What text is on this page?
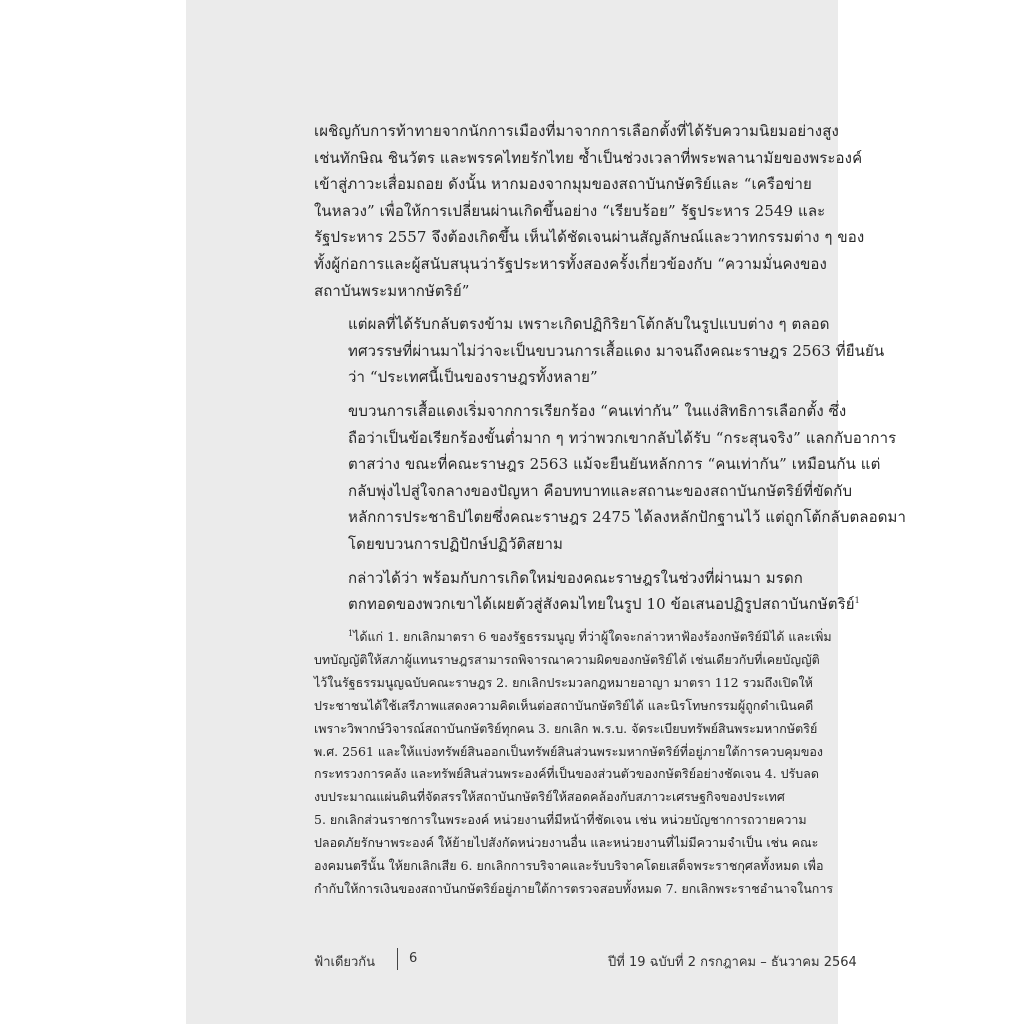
เผชิญกับการท้าทายจากนักการเมืองที่มาจากการเลือกตั้งที่ได้รับความนิยมอย่างสูง
เช่นทักษิณ ชินวัตร และพรรคไทยรักไทย ซ้ำเป็นช่วงเวลาที่พระพลานามัยของพระองค์
เข้าสู่ภาวะเสื่อมถอย ดังนั้น หากมองจากมุมของสถาบันกษัตริย์และ “เครือข่าย
ในหลวง” เพื่อให้การเปลี่ยนผ่านเกิดขึ้นอย่าง “เรียบร้อย” รัฐประหาร 2549 และ
รัฐประหาร 2557 จึงต้องเกิดขึ้น เห็นได้ชัดเจนผ่านสัญลักษณ์และวาทกรรมต่าง ๆ ของ
ทั้งผู้ก่อการและผู้สนับสนุนว่ารัฐประหารทั้งสองครั้งเกี่ยวข้องกับ “ความมั่นคงของ
สถาบันพระมหากษัตริย์”
แต่ผลที่ได้รับกลับตรงข้าม เพราะเกิดปฏิกิริยาโต้กลับในรูปแบบต่าง ๆ ตลอด
ทศวรรษที่ผ่านมาไม่ว่าจะเป็นขบวนการเสื้อแดง มาจนถึงคณะราษฎร 2563 ที่ยืนยัน
ว่า “ประเทศนี้เป็นของราษฎรทั้งหลาย”
ขบวนการเสื้อแดงเริ่มจากการเรียกร้อง “คนเท่ากัน” ในแง่สิทธิการเลือกตั้ง ซึ่ง
ถือว่าเป็นข้อเรียกร้องขั้นต่ำมาก ๆ ทว่าพวกเขากลับได้รับ “กระสุนจริง” แลกกับอาการ
ตาสว่าง ขณะที่คณะราษฎร 2563 แม้จะยืนยันหลักการ “คนเท่ากัน” เหมือนกัน แต่
กลับพุ่งไปสู่ใจกลางของปัญหา คือบทบาทและสถานะของสถาบันกษัตริย์ที่ขัดกับ
หลักการประชาธิปไตยซึ่งคณะราษฎร 2475 ได้ลงหลักปักฐานไว้ แต่ถูกโต้กลับตลอดมา
โดยขบวนการปฏิปักษ์ปฏิวัติสยาม
กล่าวได้ว่า พร้อมกับการเกิดใหม่ของคณะราษฎรในช่วงที่ผ่านมา มรดก
ตกทอดของพวกเขาได้เผยตัวสู่สังคมไทยในรูป 10 ข้อเสนอปฏิรูปสถาบันกษัตริย์$^1$
$^1$ได้แก่ 1. ยกเลิกมาตรา 6 ของรัฐธรรมนูญ ที่ว่าผู้ใดจะกล่าวหาฟ้องร้องกษัตริย์มิได้ และเพิ่ม
บทบัญญัติให้สภาผู้แทนราษฎรสามารถพิจารณาความผิดของกษัตริย์ได้ เช่นเดียวกับที่เคยบัญญัติ
ไว้ในรัฐธรรมนูญฉบับคณะราษฎร 2. ยกเลิกประมวลกฎหมายอาญา มาตรา 112 รวมถึงเปิดให้
ประชาชนได้ใช้เสรีภาพแสดงความคิดเห็นต่อสถาบันกษัตริย์ได้ และนิรโทษกรรมผู้ถูกดำเนินคดี
เพราะวิพากษ์วิจารณ์สถาบันกษัตริย์ทุกคน 3. ยกเลิก พ.ร.บ. จัดระเบียบทรัพย์สินพระมหากษัตริย์
พ.ศ. 2561 และให้แบ่งทรัพย์สินออกเป็นทรัพย์สินส่วนพระมหากษัตริย์ที่อยู่ภายใต้การควบคุมของ
กระทรวงการคลัง และทรัพย์สินส่วนพระองค์ที่เป็นของส่วนตัวของกษัตริย์อย่างชัดเจน 4. ปรับลด
งบประมาณแผ่นดินที่จัดสรรให้สถาบันกษัตริย์ให้สอดคล้องกับสภาวะเศรษฐกิจของประเทศ
5. ยกเลิกส่วนราชการในพระองค์ หน่วยงานที่มีหน้าที่ชัดเจน เช่น หน่วยบัญชาการถวายความ
ปลอดภัยรักษาพระองค์ ให้ย้ายไปสังกัดหน่วยงานอื่น และหน่วยงานที่ไม่มีความจำเป็น เช่น คณะ
องคมนตรีนั้น ให้ยกเลิกเสีย 6. ยกเลิกการบริจาคและรับบริจาคโดยเสด็จพระราชกุศลทั้งหมด เพื่อ
กำกับให้การเงินของสถาบันกษัตริย์อยู่ภายใต้การตรวจสอบทั้งหมด 7. ยกเลิกพระราชอำนาจในการ
ฟ้าเดียวกัน	6	ปีที่ 19 ฉบับที่ 2 กรกฎาคม – ธันวาคม 2564
